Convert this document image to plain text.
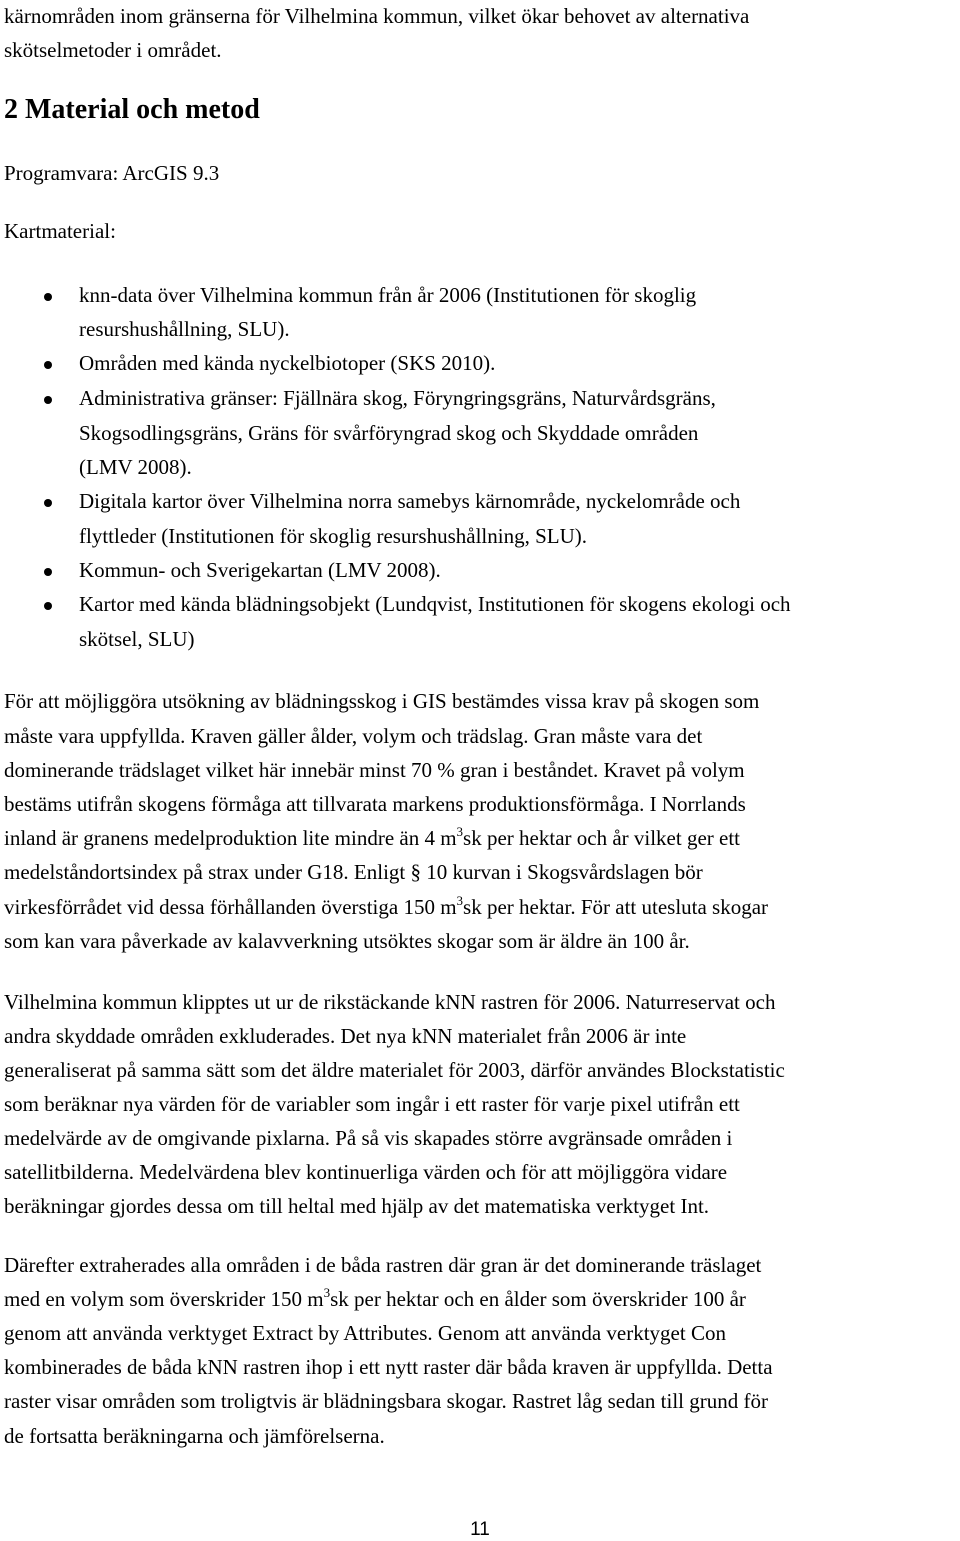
kärnområden inom gränserna för Vilhelmina kommun, vilket ökar behovet av alternativa
skötselmetoder i området.
2 Material och metod
Programvara: ArcGIS 9.3
Kartmaterial:
knn-data över Vilhelmina kommun från år 2006 (Institutionen för skoglig
resurshushållning, SLU).
Områden med kända nyckelbiotoper (SKS 2010).
Administrativa gränser: Fjällnära skog, Föryngringsgräns, Naturvårdsgräns,
Skogsodlingsgräns, Gräns för svårföryngrad skog och Skyddade områden
(LMV 2008).
Digitala kartor över Vilhelmina norra samebys kärnområde, nyckelområde och
flyttleder (Institutionen för skoglig resurshushållning, SLU).
Kommun- och Sverigekartan (LMV 2008).
Kartor med kända blädningsobjekt (Lundqvist, Institutionen för skogens ekologi och
skötsel, SLU)
För att möjliggöra utsökning av blädningsskog i GIS bestämdes vissa krav på skogen som
måste vara uppfyllda. Kraven gäller ålder, volym och trädslag. Gran måste vara det
dominerande trädslaget vilket här innebär minst 70 % gran i beståndet. Kravet på volym
bestäms utifrån skogens förmåga att tillvarata markens produktionsförmåga. I Norrlands
inland är granens medelproduktion lite mindre än 4 $m^3sk$ per hektar och år vilket ger ett
medelståndortsindex på strax under G18. Enligt § 10 kurvan i Skogsvårdslagen bör
virkesförrådet vid dessa förhållanden överstiga 150 $m^3sk$ per hektar. För att utesluta skogar
som kan vara påverkade av kalavverkning utsöktes skogar som är äldre än 100 år.
Vilhelmina kommun klipptes ut ur de rikstäckande kNN rastren för 2006. Naturreservat och
andra skyddade områden exkluderades. Det nya kNN materialet från 2006 är inte
generaliserat på samma sätt som det äldre materialet för 2003, därför användes Blockstatistic
som beräknar nya värden för de variabler som ingår i ett raster för varje pixel utifrån ett
medelvärde av de omgivande pixlarna. På så vis skapades större avgränsade områden i
satellitbilderna. Medelvärdena blev kontinuerliga värden och för att möjliggöra vidare
beräkningar gjordes dessa om till heltal med hjälp av det matematiska verktyget Int.
Därefter extraherades alla områden i de båda rastren där gran är det dominerande träslaget
med en volym som överskrider 150 $m^3sk$ per hektar och en ålder som överskrider 100 år
genom att använda verktyget Extract by Attributes. Genom att använda verktyget Con
kombinerades de båda kNN rastren ihop i ett nytt raster där båda kraven är uppfyllda. Detta
raster visar områden som troligtvis är blädningsbara skogar. Rastret låg sedan till grund för
de fortsatta beräkningarna och jämförelserna.
11
